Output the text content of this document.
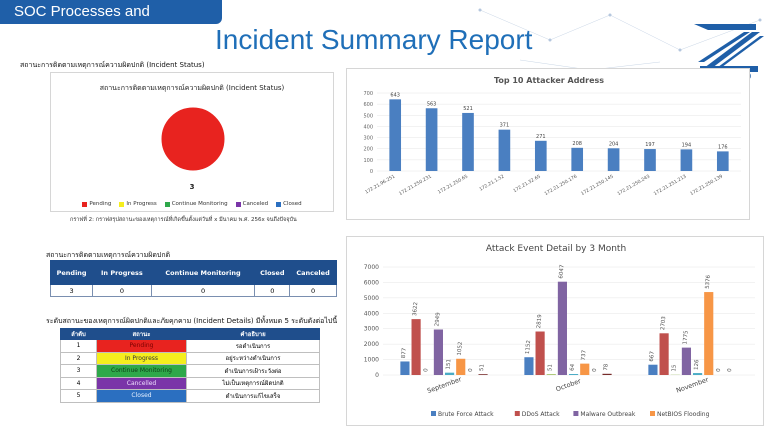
SOC Processes and Engagement	Incident Summary Report
สถานะการติดตามเหตุการณ์ความผิดปกติ (Incident Status)
สถานะการติดตามเหตุการณ์ความผิดปกติ (Incident Status)
3
Pending	In Progress	Continue Monitoring	Canceled	Closed
กราฟที่ 2: กราฟสรุปสถานะของเหตุการณ์ที่เกิดขึ้นตั้งแต่วันที่ x มีนาคม พ.ศ. 256x จนถึงปัจจุบัน
สถานะการติดตามเหตุการณ์ความผิดปกติ
Pending	In Progress	Continue Monitoring	Closed	Canceled
3	0	0	0	0
ระดับสถานะของเหตุการณ์ผิดปกติและภัยคุกคาม (Incident Details) มีทั้งหมด 5 ระดับดังต่อไปนี้
ลำดับ	สถานะ	คำอธิบาย
1	Pending	รอดำเนินการ
2	In Progress	อยู่ระหว่างดำเนินการ
3	Continue Monitoring	ดำเนินการเฝ้าระวังต่อ
4	Cancelled	ไม่เป็นเหตุการณ์ผิดปกติ
5	Closed	ดำเนินการแก้ไขเสร็จ
Top 10 Attacker Address
0
100
200
300
400
500
600
700	643
172.21.96.251
563
172.21.250.231
521
172.21.250.65
371
172.21.1.52
271
172.21.32.65
208
172.21.250.176
204
172.21.250.145
197
172.21.250.243
194
172.21.251.213
176
172.21.250.139
Attack Event Detail by 3 Month
0
1000
2000
3000
4000
5000
6000
7000
877
3622
0
2949
151
1052
0 51
September
1152
2819
51
6047
64
737
0 78
October
667
2703
15
1775
126
5376
0 0
November
Brute Force Attack	DDoS Attack	Malware Outbreak	NetBIOS Flooding
